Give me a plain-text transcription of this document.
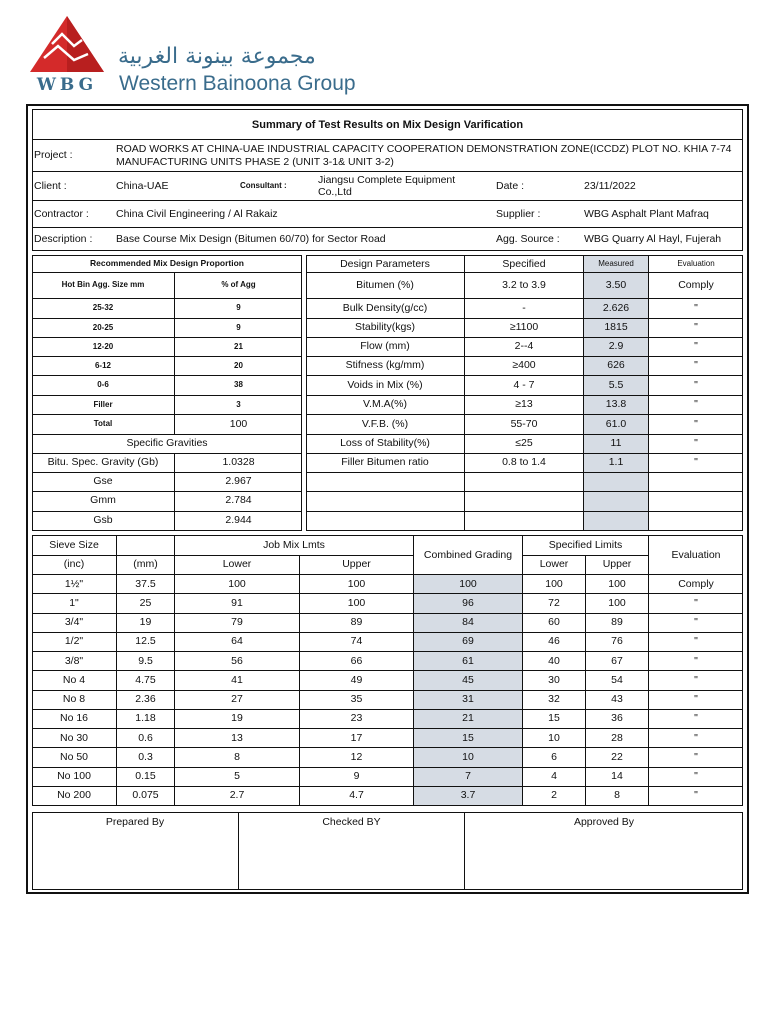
WBG
مجموعة بينونة الغربية
Western Bainoona Group
Summary of Test Results on Mix Design Varification
Project :
ROAD WORKS AT CHINA-UAE INDUSTRIAL CAPACITY COOPERATION DEMONSTRATION ZONE(ICCDZ) PLOT NO. KHIA 7-74 MANUFACTURING UNITS PHASE 2 (UNIT 3-1& UNIT 3-2)
Client :	China-UAE	Consultant :	Jiangsu Complete Equipment Co.,Ltd
Date :	23/11/2022
Contractor :	China Civil Engineering / Al Rakaiz	Supplier :	WBG Asphalt Plant Mafraq
Description :	Base Course Mix Design (Bitumen 60/70) for Sector Road	Agg. Source :	WBG Quarry Al Hayl, Fujerah
Recommended Mix Design Proportion
Hot Bin Agg. Size mm	% of Agg
25-32	9
20-25	9
12-20	21
6-12	20
0-6	38
Filler	3
Total	100
Specific Gravities
Bitu. Spec. Gravity (Gb)	1.0328
Gse	2.967
Gmm	2.784
Gsb	2.944
Design Parameters	Specified	Measured	Evaluation
Bitumen (%)	3.2 to 3.9	3.50	Comply
Bulk Density(g/cc)	-	2.626	"
Stability(kgs)	≥1100	1815	"
Flow (mm)	2--4	2.9	"
Stifness (kg/mm)	≥400	626	"
Voids in Mix (%)	4 - 7	5.5	"
V.M.A(%)	≥13	13.8	"
V.F.B. (%)	55-70	61.0	"
Loss of Stability(%)	≤25	11	"
Filler Bitumen ratio	0.8 to 1.4	1.1	"
Sieve Size
(inc)	(mm)
Job Mix Lmts
Lower	Upper
Combined Grading
Specified Limits
Lower	Upper
Evaluation
1½"	37.5	100	100	100	100	100	Comply
1"	25	91	100	96	72	100	"
3/4"	19	79	89	84	60	89	"
1/2"	12.5	64	74	69	46	76	"
3/8"	9.5	56	66	61	40	67	"
No 4	4.75	41	49	45	30	54	"
No 8	2.36	27	35	31	32	43	"
No 16	1.18	19	23	21	15	36	"
No 30	0.6	13	17	15	10	28	"
No 50	0.3	8	12	10	6	22	"
No 100	0.15	5	9	7	4	14	"
No 200	0.075	2.7	4.7	3.7	2	8	"
Prepared By	Checked BY	Approved By
